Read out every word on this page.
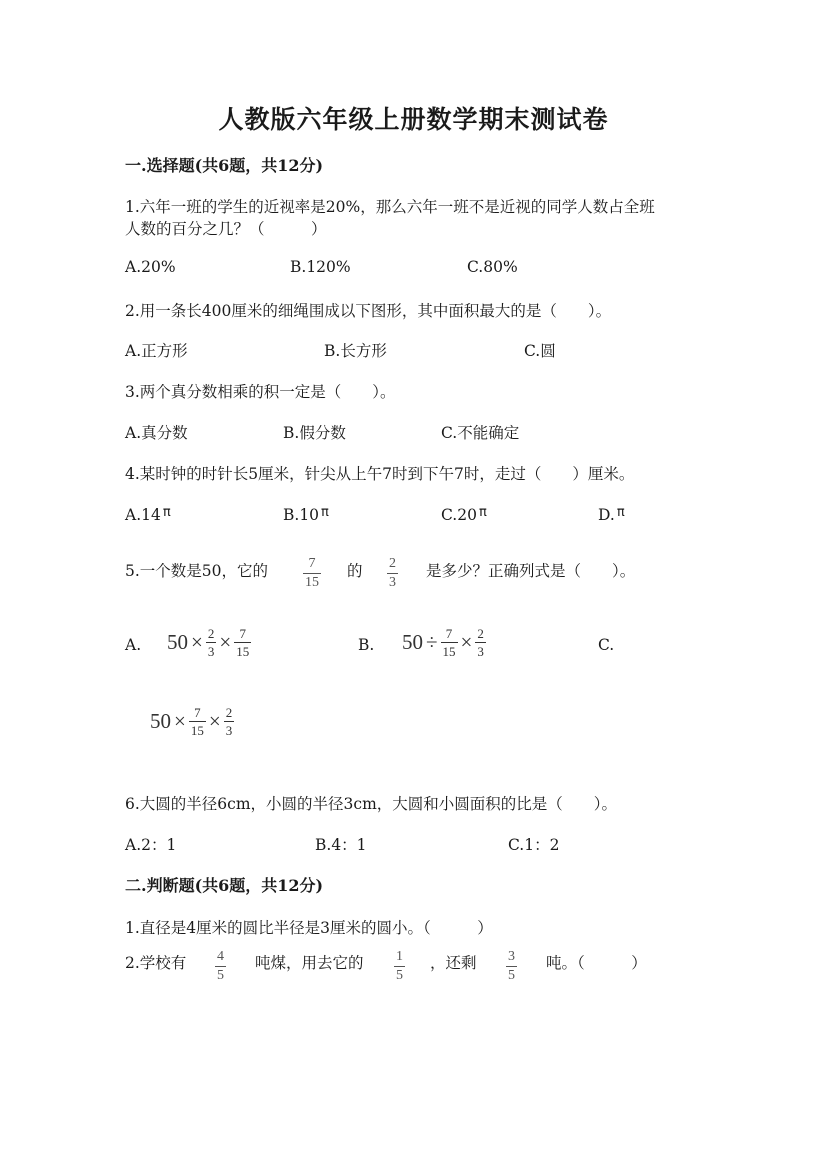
人教版六年级上册数学期末测试卷
一.选择题(共6题，共12分)
1.六年一班的学生的近视率是20%，那么六年一班不是近视的同学人数占全班
人数的百分之几？（　　　）
A.20%	B.120%	C.80%
2.用一条长400厘米的细绳围成以下图形，其中面积最大的是（　　）。
A.正方形	B.长方形	C.圆
3.两个真分数相乘的积一定是（　　）。
A.真分数	B.假分数	C.不能确定
4.某时钟的时针长5厘米，针尖从上午7时到下午7时，走过（　　）厘米。
A.14 $^\pi$	B.10 $^\pi$	C.20 $^\pi$	D. $^\pi$
5.一个数是50，它的 $\frac{7}{15}$ 的 $\frac{2}{3}$ 是多少？正确列式是（　　）。
A. $50 \times \frac{2}{3} \times \frac{7}{15}$	B. $50 \div \frac{7}{15} \times \frac{2}{3}$	C.
$50 \times \frac{7}{15} \times \frac{2}{3}$
6.大圆的半径6cm，小圆的半径3cm，大圆和小圆面积的比是（　　）。
A.2：1	B.4：1	C.1：2
二.判断题(共6题，共12分)
1.直径是4厘米的圆比半径是3厘米的圆小。（　　　）
2.学校有 $\frac{4}{5}$ 吨煤，用去它的 $\frac{1}{5}$ ，还剩 $\frac{3}{5}$ 吨。（　　　）
